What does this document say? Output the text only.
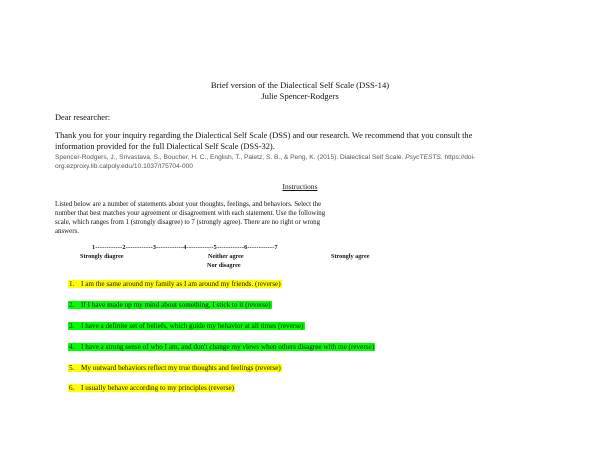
Brief version of the Dialectical Self Scale (DSS-14)
Julie Spencer-Rodgers
Dear researcher:
Thank you for your inquiry regarding the Dialectical Self Scale (DSS) and our research. We recommend that you consult the
information provided for the full Dialectical Self Scale (DSS-32).
Spencer-Rodgers, J., Srivastava, S., Boucher, H. C., English, T., Paletz, S. B., & Peng, K. (2015). Dialectical Self Scale. PsycTESTS. https://doi-
org.ezproxy.lib.calpoly.edu/10.1037/t75704-000
Instructions
Listed below are a number of statements about your thoughts, feelings, and behaviors. Select the
number that best matches your agreement or disagreement with each statement. Use the following
scale, which ranges from 1 (strongly disagree) to 7 (strongly agree). There are no right or wrong
answers.
1------------2------------3------------4------------5------------6------------7
Strongly diagree	Neither agree
Nor disagree
Strongly agree
1. I am the same around my family as I am around my friends. (reverse)
2. If I have made up my mind about something, I stick to it (reverse)
3. I have a definite set of beliefs, which guide my behavior at all times (reverse)
4. I have a strong sense of who I am, and don't change my views when others disagree with me (reverse)
5. My outward behaviors reflect my true thoughts and feelings (reverse)
6. I usually behave according to my principles (reverse)
